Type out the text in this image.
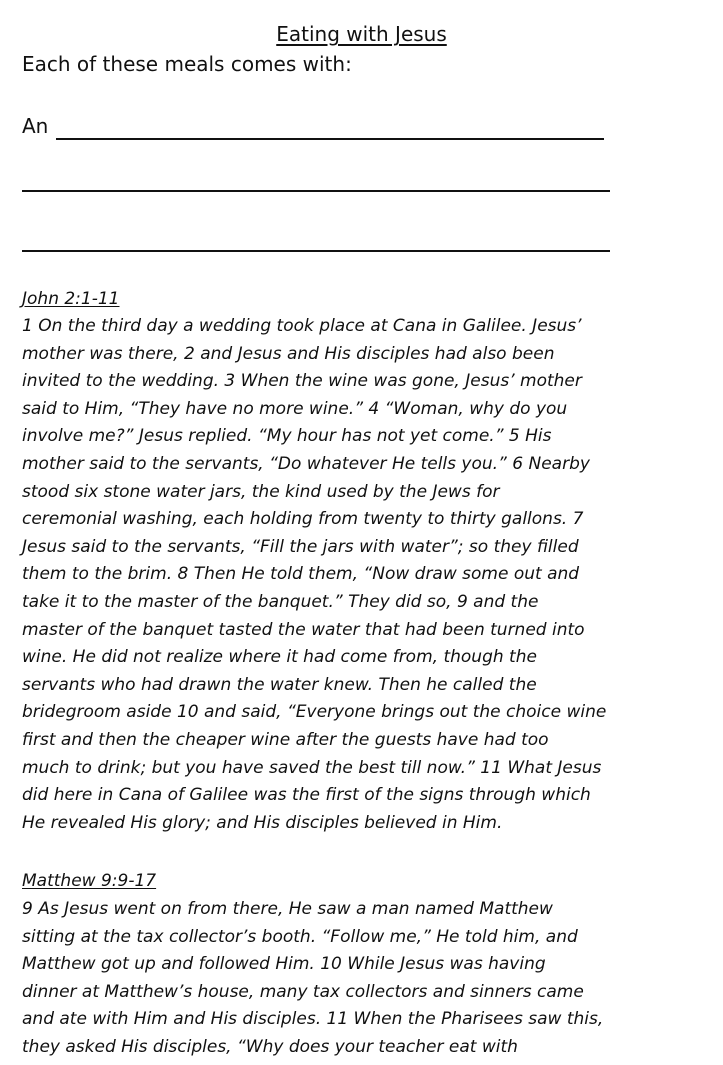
Eating with Jesus
Each of these meals comes with:
An
John 2:1-11
1 On the third day a wedding took place at Cana in Galilee. Jesus’
mother was there, 2 and Jesus and His disciples had also been
invited to the wedding. 3 When the wine was gone, Jesus’ mother
said to Him, “They have no more wine.” 4 “Woman, why do you
involve me?” Jesus replied. “My hour has not yet come.” 5 His
mother said to the servants, “Do whatever He tells you.” 6 Nearby
stood six stone water jars, the kind used by the Jews for
ceremonial washing, each holding from twenty to thirty gallons. 7
Jesus said to the servants, “Fill the jars with water”; so they filled
them to the brim. 8 Then He told them, “Now draw some out and
take it to the master of the banquet.” They did so, 9 and the
master of the banquet tasted the water that had been turned into
wine. He did not realize where it had come from, though the
servants who had drawn the water knew. Then he called the
bridegroom aside 10 and said, “Everyone brings out the choice wine
first and then the cheaper wine after the guests have had too
much to drink; but you have saved the best till now.” 11 What Jesus
did here in Cana of Galilee was the first of the signs through which
He revealed His glory; and His disciples believed in Him.
Matthew 9:9-17
9 As Jesus went on from there, He saw a man named Matthew
sitting at the tax collector’s booth. “Follow me,” He told him, and
Matthew got up and followed Him. 10 While Jesus was having
dinner at Matthew’s house, many tax collectors and sinners came
and ate with Him and His disciples. 11 When the Pharisees saw this,
they asked His disciples, “Why does your teacher eat with
